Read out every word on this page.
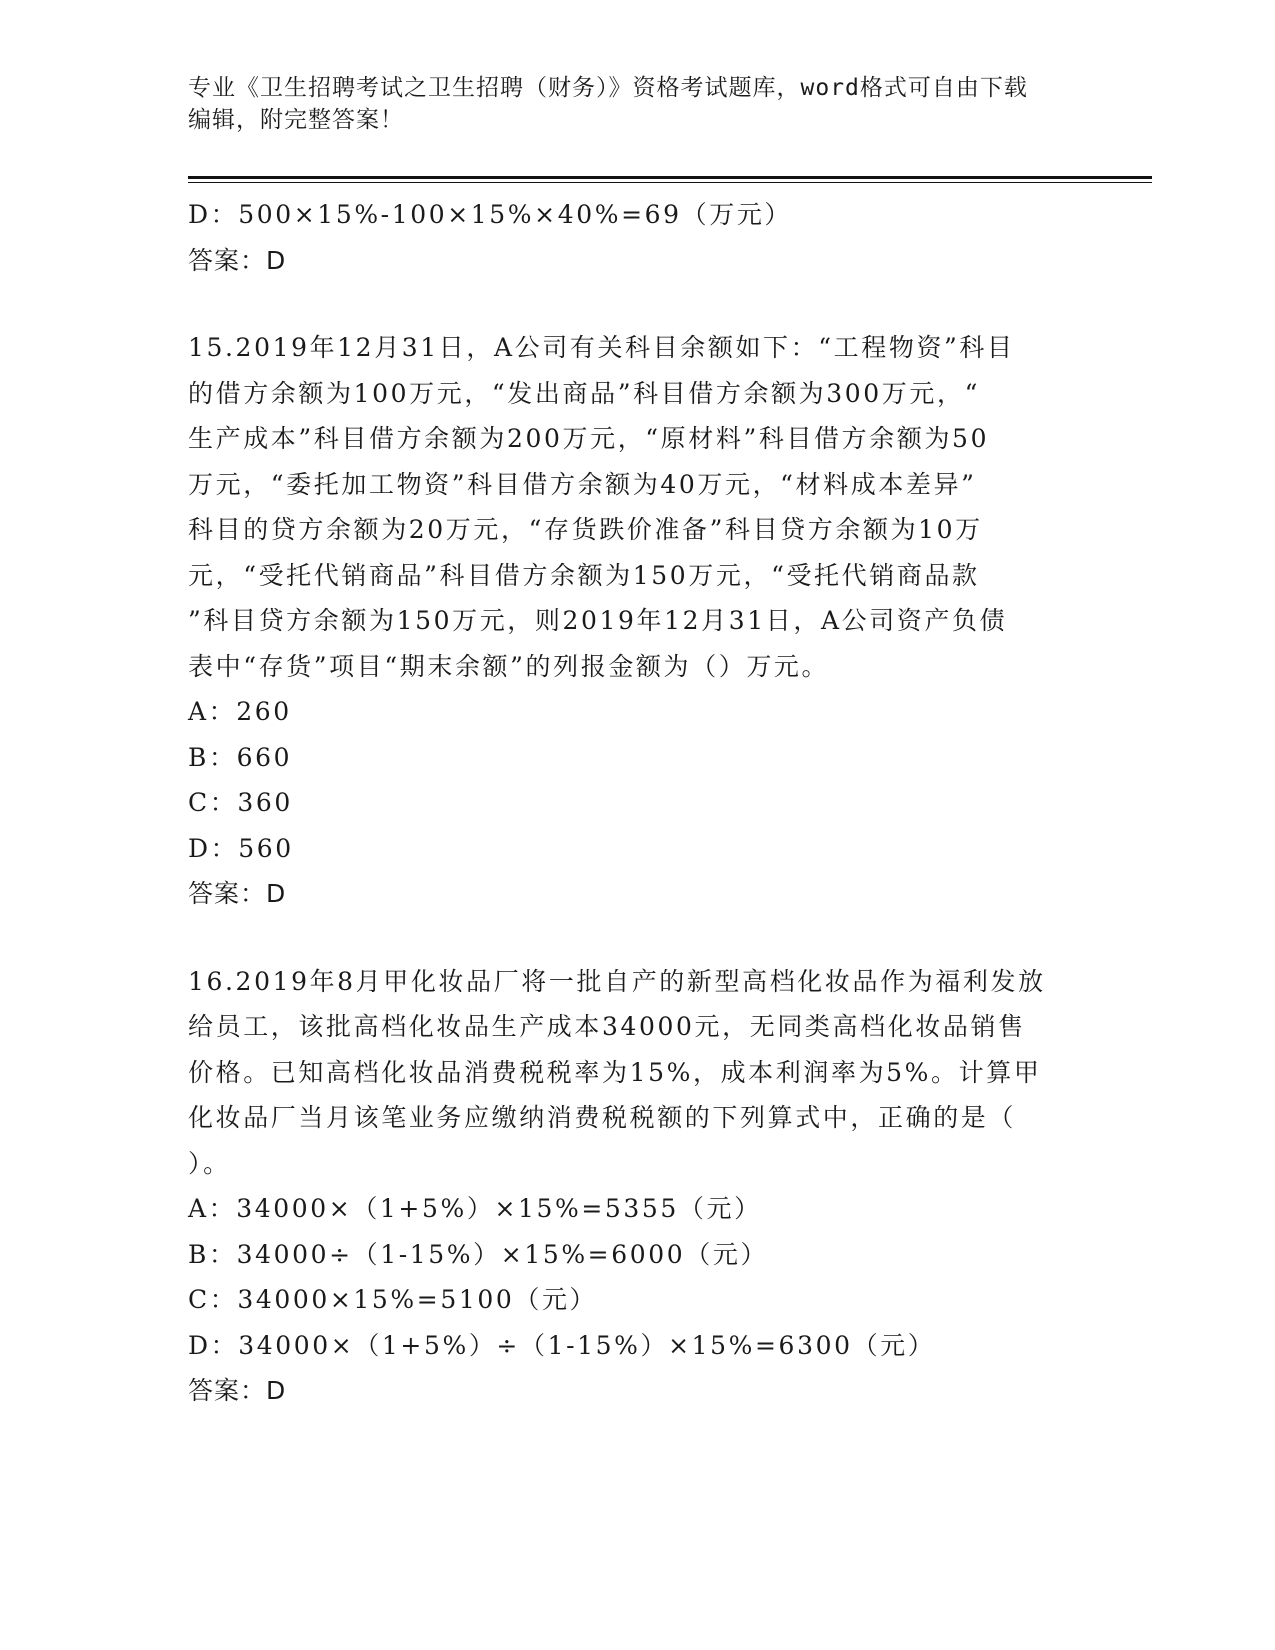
专业《卫生招聘考试之卫生招聘（财务）》资格考试题库，word格式可自由下载
编辑，附完整答案！
D：500×15%-100×15%×40%=69（万元）
答案：D
15.2019年12月31日，A公司有关科目余额如下：“工程物资”科目
的借方余额为100万元，“发出商品”科目借方余额为300万元，“
生产成本”科目借方余额为200万元，“原材料”科目借方余额为50
万元，“委托加工物资”科目借方余额为40万元，“材料成本差异”
科目的贷方余额为20万元，“存货跌价准备”科目贷方余额为10万
元，“受托代销商品”科目借方余额为150万元，“受托代销商品款
”科目贷方余额为150万元，则2019年12月31日，A公司资产负债
表中“存货”项目“期末余额”的列报金额为（）万元。
A：260
B：660
C：360
D：560
答案：D
16.2019年8月甲化妆品厂将一批自产的新型高档化妆品作为福利发放
给员工，该批高档化妆品生产成本34000元，无同类高档化妆品销售
价格。已知高档化妆品消费税税率为15%，成本利润率为5%。计算甲
化妆品厂当月该笔业务应缴纳消费税税额的下列算式中，正确的是（
）。
A：34000×（1+5%）×15%=5355（元）
B：34000÷（1-15%）×15%=6000（元）
C：34000×15%=5100（元）
D：34000×（1+5%）÷（1-15%）×15%=6300（元）
答案：D
